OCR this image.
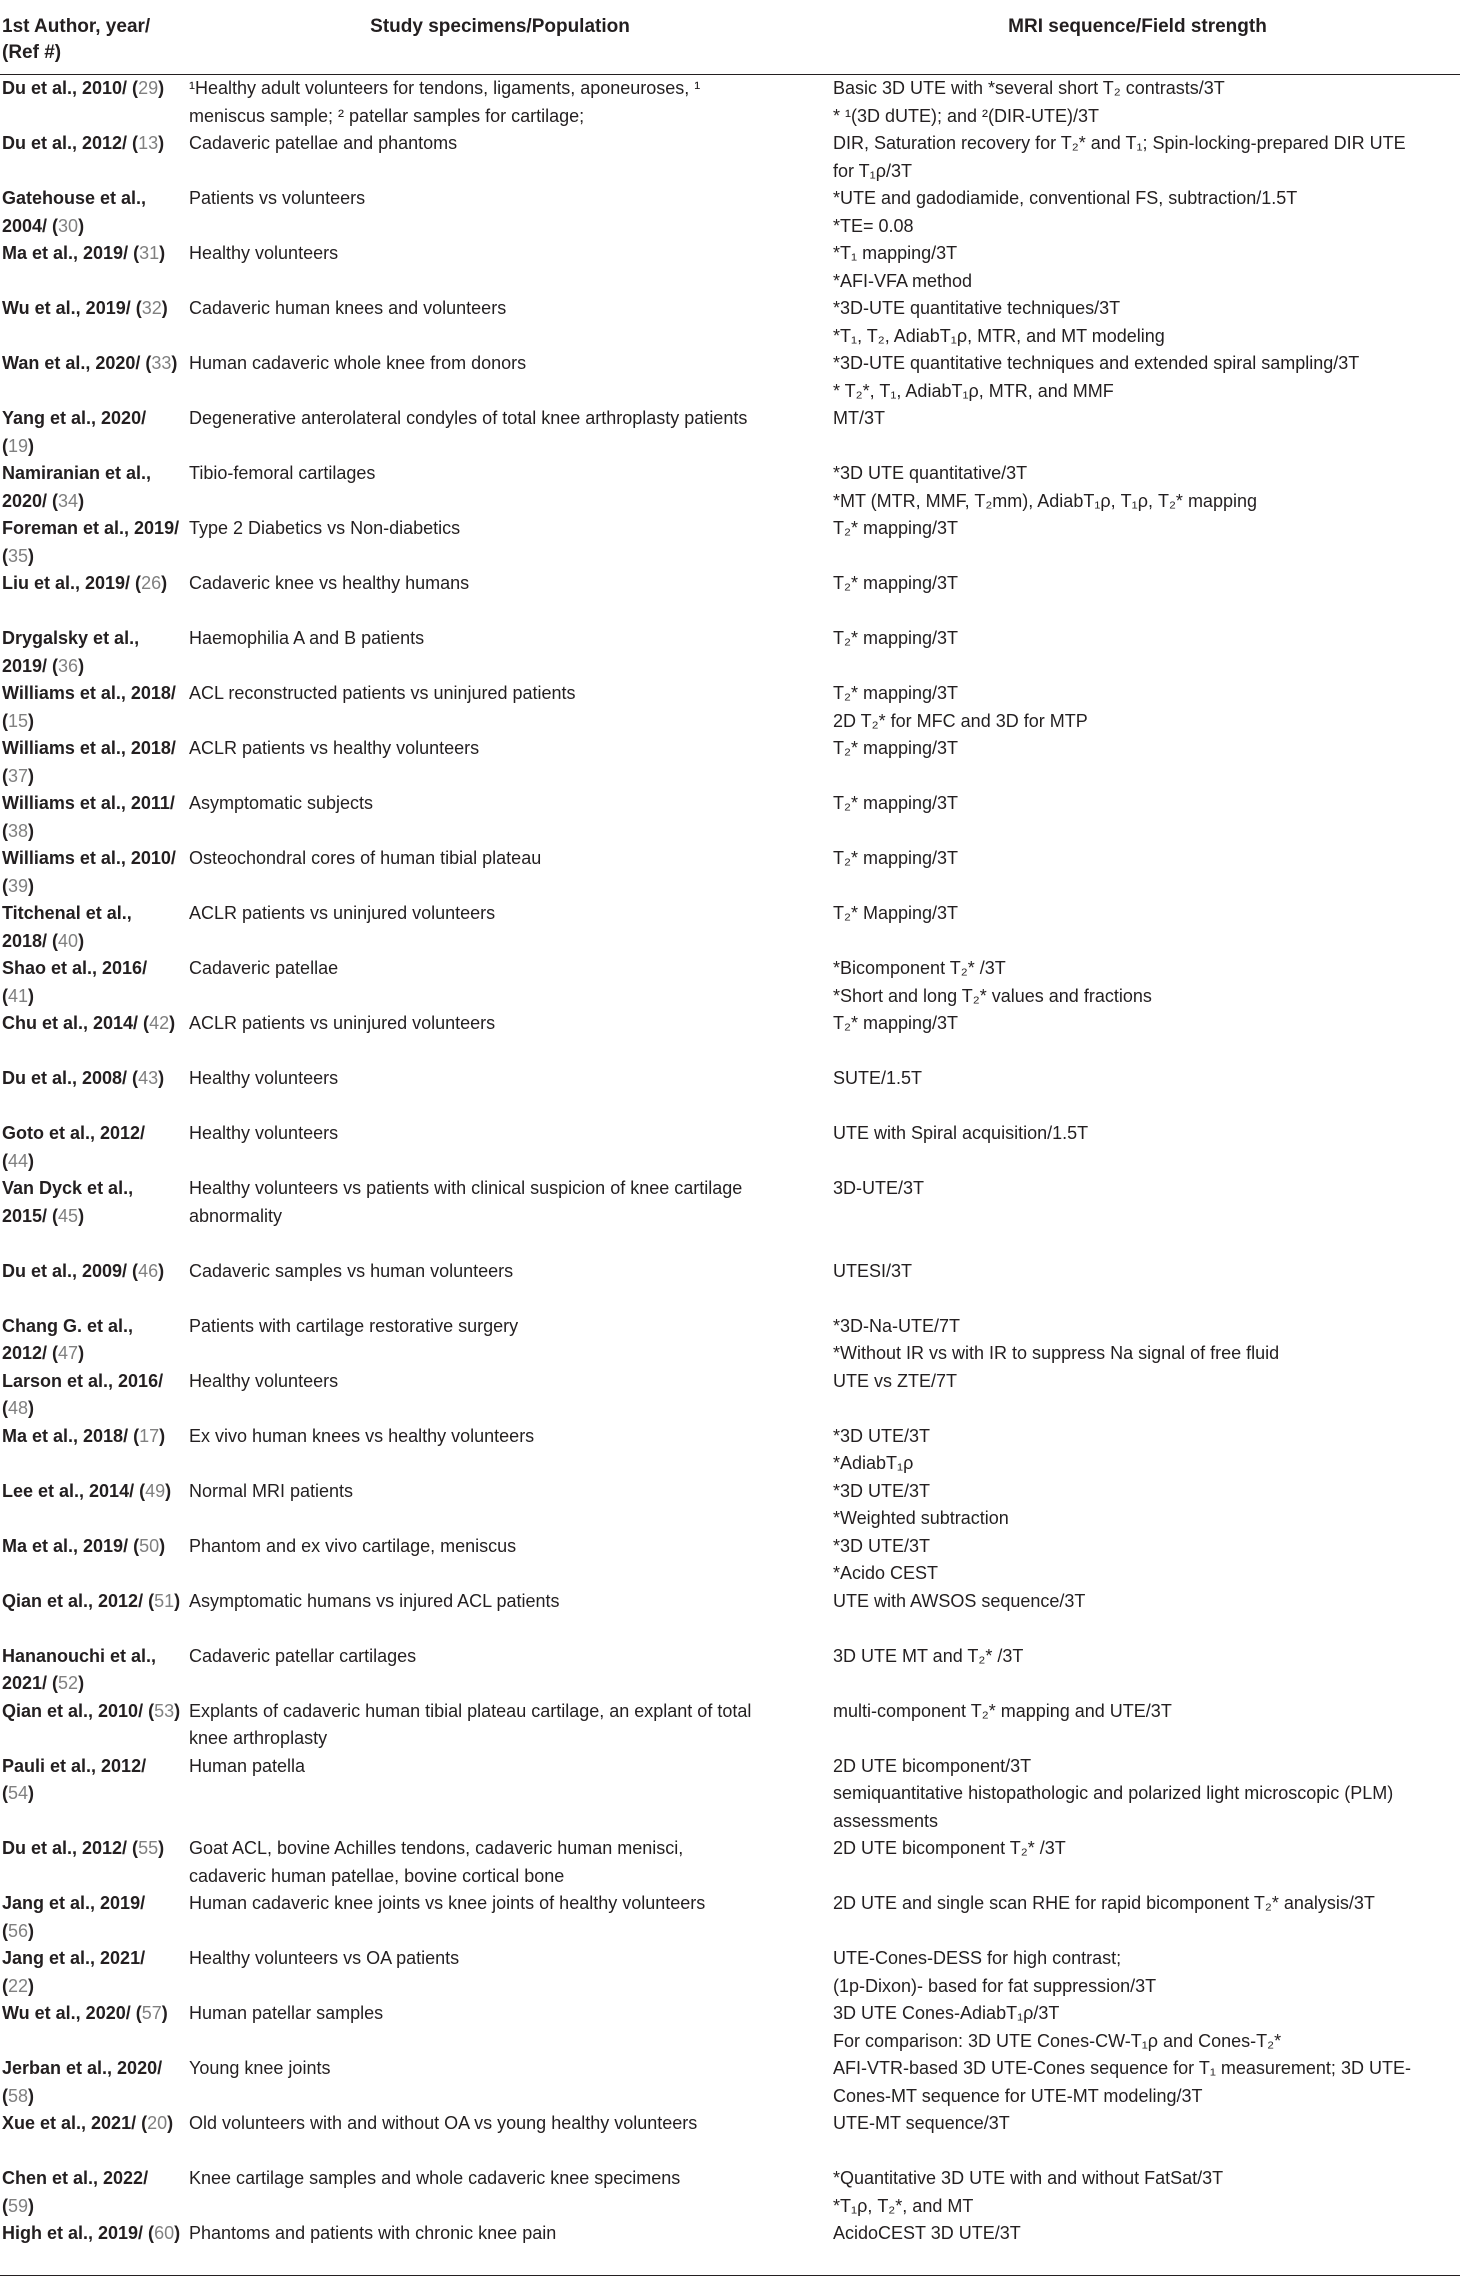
1st Author, year/ (Ref #)	Study specimens/Population	MRI sequence/Field strength
Du et al., 2010/ (29)	¹Healthy adult volunteers for tendons, ligaments, aponeuroses, ¹
meniscus sample; ² patellar samples for cartilage;	Basic 3D UTE with *several short T₂ contrasts/3T
* ¹(3D dUTE); and ²(DIR-UTE)/3T

Du et al., 2012/ (13)	Cadaveric patellae and phantoms	DIR, Saturation recovery for T₂* and T₁; Spin-locking-prepared DIR UTE
for T₁ρ/3T

Gatehouse et al., 2004/ (30)	Patients vs volunteers	*UTE and gadodiamide, conventional FS, subtraction/1.5T
*TE= 0.08

Ma et al., 2019/ (31)	Healthy volunteers	*T₁ mapping/3T
*AFI-VFA method

Wu et al., 2019/ (32)	Cadaveric human knees and volunteers	*3D-UTE quantitative techniques/3T
*T₁, T₂, AdiabT₁ρ, MTR, and MT modeling

Wan et al., 2020/ (33)	Human cadaveric whole knee from donors	*3D-UTE quantitative techniques and extended spiral sampling/3T
* T₂*, T₁, AdiabT₁ρ, MTR, and MMF

Yang et al., 2020/ (19)	Degenerative anterolateral condyles of total knee arthroplasty patients	MT/3T

Namiranian et al., 2020/ (34)	Tibio-femoral cartilages	*3D UTE quantitative/3T
*MT (MTR, MMF, T₂mm), AdiabT₁ρ, T₁ρ, T₂* mapping

Foreman et al., 2019/ (35)	Type 2 Diabetics vs Non-diabetics	T₂* mapping/3T

Liu et al., 2019/ (26)	Cadaveric knee vs healthy humans	T₂* mapping/3T

Drygalsky et al., 2019/ (36)	Haemophilia A and B patients	T₂* mapping/3T

Williams et al., 2018/ (15)	ACL reconstructed patients vs uninjured patients	T₂* mapping/3T
2D T₂* for MFC and 3D for MTP

Williams et al., 2018/ (37)	ACLR patients vs healthy volunteers	T₂* mapping/3T

Williams et al., 2011/ (38)	Asymptomatic subjects	T₂* mapping/3T

Williams et al., 2010/ (39)	Osteochondral cores of human tibial plateau	T₂* mapping/3T

Titchenal et al., 2018/ (40)	ACLR patients vs uninjured volunteers	T₂* Mapping/3T

Shao et al., 2016/ (41)	Cadaveric patellae	*Bicomponent T₂* /3T
*Short and long T₂* values and fractions

Chu et al., 2014/ (42)	ACLR patients vs uninjured volunteers	T₂* mapping/3T

Du et al., 2008/ (43)	Healthy volunteers	SUTE/1.5T

Goto et al., 2012/ (44)	Healthy volunteers	UTE with Spiral acquisition/1.5T

Van Dyck et al., 2015/ (45)	Healthy volunteers vs patients with clinical suspicion of knee cartilage
abnormality	3D-UTE/3T

Du et al., 2009/ (46)	Cadaveric samples vs human volunteers	UTESI/3T

Chang G. et al., 2012/ (47)	Patients with cartilage restorative surgery	*3D-Na-UTE/7T
*Without IR vs with IR to suppress Na signal of free fluid

Larson et al., 2016/ (48)	Healthy volunteers	UTE vs ZTE/7T

Ma et al., 2018/ (17)	Ex vivo human knees vs healthy volunteers	*3D UTE/3T
*AdiabT₁ρ

Lee et al., 2014/ (49)	Normal MRI patients	*3D UTE/3T
*Weighted subtraction

Ma et al., 2019/ (50)	Phantom and ex vivo cartilage, meniscus	*3D UTE/3T
*Acido CEST

Qian et al., 2012/ (51)	Asymptomatic humans vs injured ACL patients	UTE with AWSOS sequence/3T

Hananouchi et al., 2021/ (52)	Cadaveric patellar cartilages	3D UTE MT and T₂* /3T

Qian et al., 2010/ (53)	Explants of cadaveric human tibial plateau cartilage, an explant of total
knee arthroplasty	multi-component T₂* mapping and UTE/3T

Pauli et al., 2012/ (54)	Human patella	2D UTE bicomponent/3T
semiquantitative histopathologic and polarized light microscopic (PLM)
assessments

Du et al., 2012/ (55)	Goat ACL, bovine Achilles tendons, cadaveric human menisci,
cadaveric human patellae, bovine cortical bone	2D UTE bicomponent T₂* /3T

Jang et al., 2019/ (56)	Human cadaveric knee joints vs knee joints of healthy volunteers	2D UTE and single scan RHE for rapid bicomponent T₂* analysis/3T

Jang et al., 2021/ (22)	Healthy volunteers vs OA patients	UTE-Cones-DESS for high contrast;
(1p-Dixon)- based for fat suppression/3T

Wu et al., 2020/ (57)	Human patellar samples	3D UTE Cones-AdiabT₁ρ/3T
For comparison: 3D UTE Cones-CW-T₁ρ and Cones-T₂*

Jerban et al., 2020/ (58)	Young knee joints	AFI-VTR-based 3D UTE-Cones sequence for T₁ measurement; 3D UTE-
Cones-MT sequence for UTE-MT modeling/3T

Xue et al., 2021/ (20)	Old volunteers with and without OA vs young healthy volunteers	UTE-MT sequence/3T

Chen et al., 2022/ (59)	Knee cartilage samples and whole cadaveric knee specimens	*Quantitative 3D UTE with and without FatSat/3T
*T₁ρ, T₂*, and MT

High et al., 2019/ (60)	Phantoms and patients with chronic knee pain	AcidoCEST 3D UTE/3T
